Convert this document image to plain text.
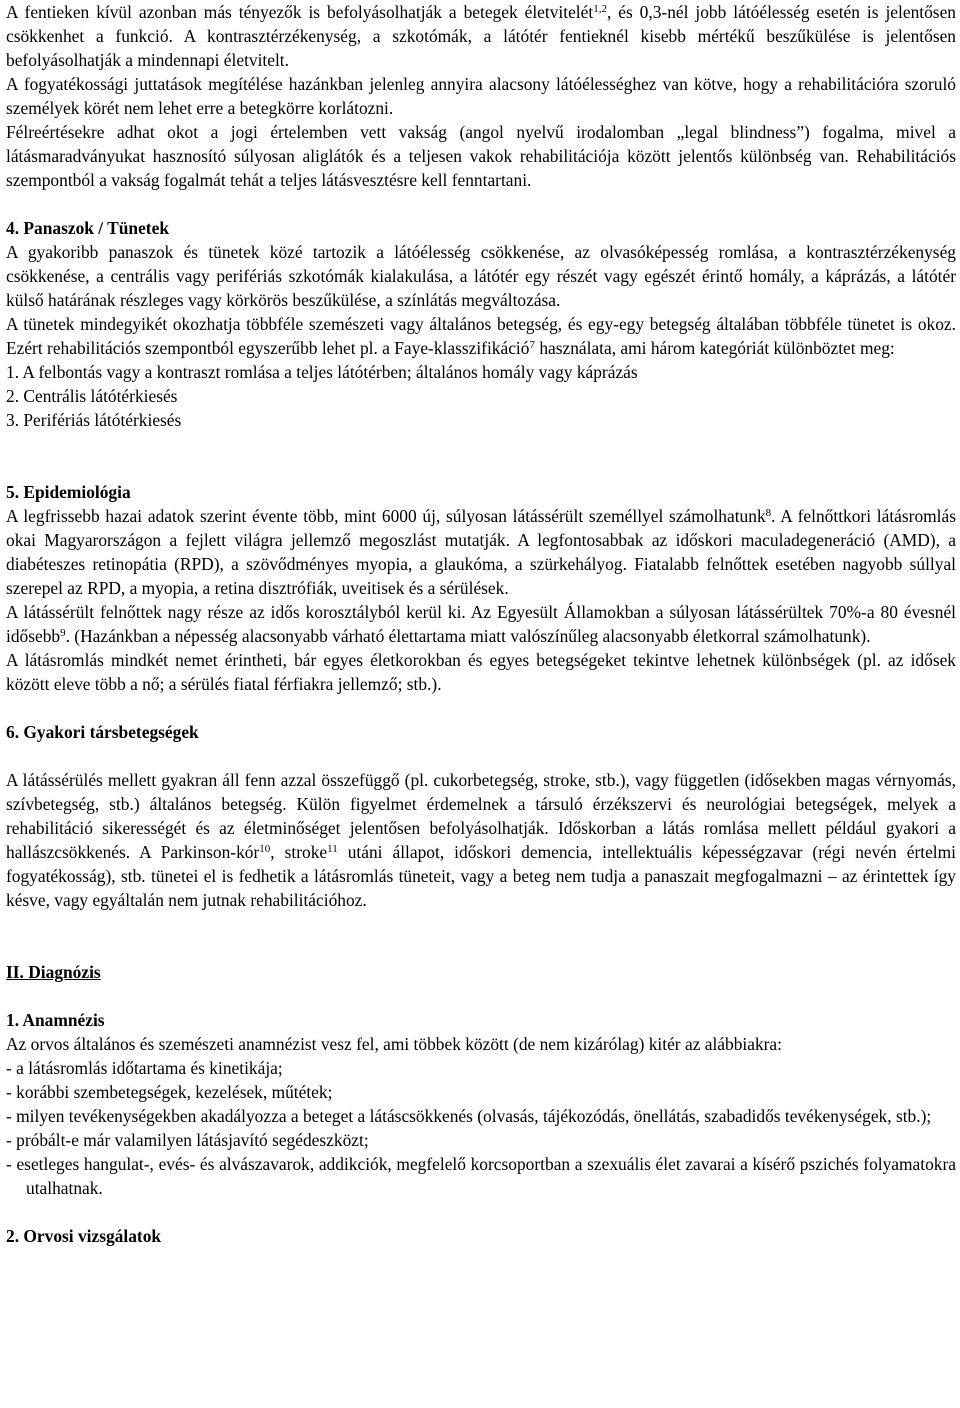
A fentieken kívül azonban más tényezők is befolyásolhatják a betegek életvitelét$^{1,2}$, és 0,3-nél jobb látóélesség esetén is jelentősen csökkenhet a funkció. A kontrasztérzékenység, a szkotómák, a látótér fentieknél kisebb mértékű beszűkülése is jelentősen befolyásolhatják a mindennapi életvitelt.

A fogyatékossági juttatások megítélése hazánkban jelenleg annyira alacsony látóélességhez van kötve, hogy a rehabilitációra szoruló személyek körét nem lehet erre a betegkörre korlátozni.

Félreértésekre adhat okot a jogi értelemben vett vakság (angol nyelvű irodalomban „legal blindness”) fogalma, mivel a látásmaradványukat hasznosító súlyosan aliglátók és a teljesen vakok rehabilitációja között jelentős különbség van. Rehabilitációs szempontból a vakság fogalmát tehát a teljes látásvesztésre kell fenntartani.

4. Panaszok / Tünetek

A gyakoribb panaszok és tünetek közé tartozik a látóélesség csökkenése, az olvasóképesség romlása, a kontrasztérzékenység csökkenése, a centrális vagy perifériás szkotómák kialakulása, a látótér egy részét vagy egészét érintő homály, a káprázás, a látótér külső határának részleges vagy körkörös beszűkülése, a színlátás megváltozása.

A tünetek mindegyikét okozhatja többféle szemészeti vagy általános betegség, és egy-egy betegség általában többféle tünetet is okoz. Ezért rehabilitációs szempontból egyszerűbb lehet pl. a Faye-klasszifikáció$^7$ használata, ami három kategóriát különböztet meg:

1. A felbontás vagy a kontraszt romlása a teljes látótérben; általános homály vagy káprázás

2. Centrális látótérkiesés

3. Perifériás látótérkiesés

5. Epidemiológia

A legfrissebb hazai adatok szerint évente több, mint 6000 új, súlyosan látássérült személlyel számolhatunk$^8$. A felnőttkori látásromlás okai Magyarországon a fejlett világra jellemző megoszlást mutatják. A legfontosabbak az időskori maculadegeneráció (AMD), a diabéteszes retinopátia (RPD), a szövődményes myopia, a glaukóma, a szürkehályog. Fiatalabb felnőttek esetében nagyobb súllyal szerepel az RPD, a myopia, a retina disztrófiák, uveitisek és a sérülések.

A látássérült felnőttek nagy része az idős korosztályból kerül ki. Az Egyesült Államokban a súlyosan látássérültek 70%-a 80 évesnél idősebb$^9$. (Hazánkban a népesség alacsonyabb várható élettartama miatt valószínűleg alacsonyabb életkorral számolhatunk).

A látásromlás mindkét nemet érintheti, bár egyes életkorokban és egyes betegségeket tekintve lehetnek különbségek (pl. az idősek között eleve több a nő; a sérülés fiatal férfiakra jellemző; stb.).

6. Gyakori társbetegségek

A látássérülés mellett gyakran áll fenn azzal összefüggő (pl. cukorbetegség, stroke, stb.), vagy független (idősekben magas vérnyomás, szívbetegség, stb.) általános betegség. Külön figyelmet érdemelnek a társuló érzékszervi és neurológiai betegségek, melyek a rehabilitáció sikerességét és az életminőséget jelentősen befolyásolhatják. Időskorban a látás romlása mellett például gyakori a hallászcsökkenés. A Parkinson-kór$^{10}$, stroke$^{11}$ utáni állapot, időskori demencia, intellektuális képességzavar (régi nevén értelmi fogyatékosság), stb. tünetei el is fedhetik a látásromlás tüneteit, vagy a beteg nem tudja a panaszait megfogalmazni – az érintettek így késve, vagy egyáltalán nem jutnak rehabilitációhoz.

II. Diagnózis
1. Anamnézis

Az orvos általános és szemészeti anamnézist vesz fel, ami többek között (de nem kizárólag) kitér az alábbiakra:

- a látásromlás időtartama és kinetikája;

- korábbi szembetegségek, kezelések, műtétek;

- milyen tevékenységekben akadályozza a beteget a látáscsökkenés (olvasás, tájékozódás, önellátás, szabadidős tevékenységek, stb.);

- próbált-e már valamilyen látásjavító segédeszközt;

- esetleges hangulat-, evés- és alvászavarok, addikciók, megfelelő korcsoportban a szexuális élet zavarai a kísérő pszichés folyamatokra utalhatnak.

2. Orvosi vizsgálatok
